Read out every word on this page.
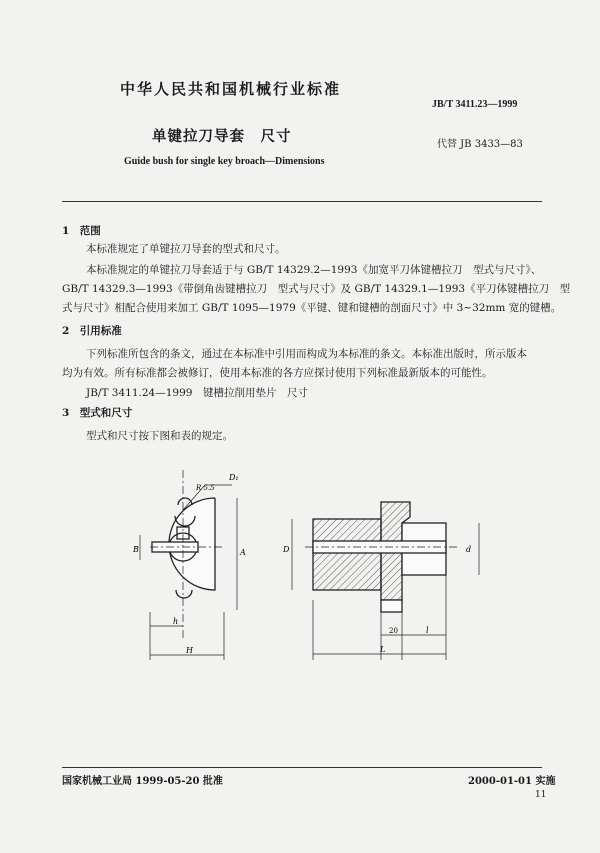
中华人民共和国机械行业标准
JB/T 3411.23—1999
单键拉刀导套　尺寸	代替 JB 3433—83
Guide bush for single key broach—Dimensions
1　范围
本标准规定了单键拉刀导套的型式和尺寸。
本标准规定的单键拉刀导套适于与 GB/T 14329.2—1993《加宽平刀体键槽拉刀　型式与尺寸》、
GB/T 14329.3—1993《带倒角齿键槽拉刀　型式与尺寸》及 GB/T 14329.1—1993《平刀体键槽拉刀　型
式与尺寸》相配合使用来加工 GB/T 1095—1979《平键、键和键槽的剖面尺寸》中 3~32mm 宽的键槽。
2　引用标准
下列标准所包含的条文，通过在本标准中引用而构成为本标准的条文。本标准出版时，所示版本
均为有效。所有标准都会被修订，使用本标准的各方应探讨使用下列标准最新版本的可能性。
JB/T 3411.24—1999　键槽拉削用垫片　尺寸
3　型式和尺寸
型式和尺寸按下图和表的规定。
R 5.5
D₁
B	A
h
H
D	d
20	l
L
国家机械工业局 1999-05-20 批准	2000-01-01 实施
11
